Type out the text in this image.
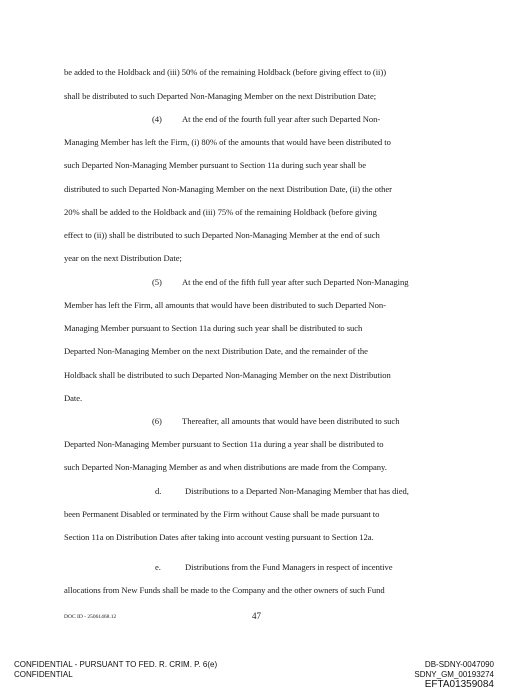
be added to the Holdback and (iii) 50% of the remaining Holdback (before giving effect to (ii))
shall be distributed to such Departed Non-Managing Member on the next Distribution Date;
(4) At the end of the fourth full year after such Departed Non-
Managing Member has left the Firm, (i) 80% of the amounts that would have been distributed to
such Departed Non-Managing Member pursuant to Section 11a during such year shall be
distributed to such Departed Non-Managing Member on the next Distribution Date, (ii) the other
20% shall be added to the Holdback and (iii) 75% of the remaining Holdback (before giving
effect to (ii)) shall be distributed to such Departed Non-Managing Member at the end of such
year on the next Distribution Date;
(5) At the end of the fifth full year after such Departed Non-Managing
Member has left the Firm, all amounts that would have been distributed to such Departed Non-
Managing Member pursuant to Section 11a during such year shall be distributed to such
Departed Non-Managing Member on the next Distribution Date, and the remainder of the
Holdback shall be distributed to such Departed Non-Managing Member on the next Distribution
Date.
(6) Thereafter, all amounts that would have been distributed to such
Departed Non-Managing Member pursuant to Section 11a during a year shall be distributed to
such Departed Non-Managing Member as and when distributions are made from the Company.
d.	Distributions to a Departed Non-Managing Member that has died,
been Permanent Disabled or terminated by the Firm without Cause shall be made pursuant to
Section 11a on Distribution Dates after taking into account vesting pursuant to Section 12a.
e.	Distributions from the Fund Managers in respect of incentive
allocations from New Funds shall be made to the Company and the other owners of such Fund
DOC ID - 25061468.12	47
CONFIDENTIAL - PURSUANT TO FED. R. CRIM. P. 6(e)
CONFIDENTIAL
DB-SDNY-0047090
SDNY_GM_00193274
EFTA01359084
